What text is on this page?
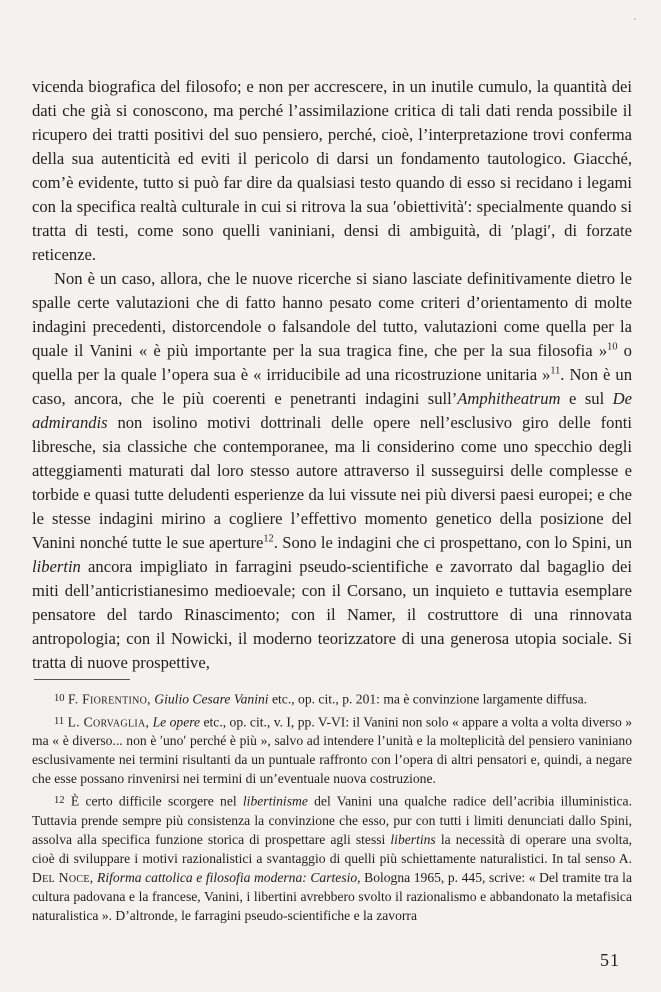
vicenda biografica del filosofo; e non per accrescere, in un inutile cumulo, la quantità dei dati che già si conoscono, ma perché l’assimilazione critica di tali dati renda possibile il ricupero dei tratti positivi del suo pensiero, perché, cioè, l’interpretazione trovi conferma della sua autenticità ed eviti il pericolo di darsi un fondamento tautologico. Giacché, com’è evidente, tutto si può far dire da qualsiasi testo quando di esso si recidano i legami con la specifica realtà culturale in cui si ritrova la sua ʹobiettivitàʹ: specialmente quando si tratta di testi, come sono quelli vaniniani, densi di ambiguità, di ʹplagiʹ, di forzate reticenze.

Non è un caso, allora, che le nuove ricerche si siano lasciate definitivamente dietro le spalle certe valutazioni che di fatto hanno pesato come criteri d’orientamento di molte indagini precedenti, distorcendole o falsandole del tutto, valutazioni come quella per la quale il Vanini « è più importante per la sua tragica fine, che per la sua filosofia »$^{10}$ o quella per la quale l’opera sua è « irriducibile ad una ricostruzione unitaria »$^{11}$. Non è un caso, ancora, che le più coerenti e penetranti indagini sull’Amphitheatrum e sul De admirandis non isolino motivi dottrinali delle opere nell’esclusivo giro delle fonti libresche, sia classiche che contemporanee, ma li considerino come uno specchio degli atteggiamenti maturati dal loro stesso autore attraverso il susseguirsi delle complesse e torbide e quasi tutte deludenti esperienze da lui vissute nei più diversi paesi europei; e che le stesse indagini mirino a cogliere l’effettivo momento genetico della posizione del Vanini nonché tutte le sue aperture$^{12}$. Sono le indagini che ci prospettano, con lo Spini, un libertin ancora impigliato in farragini pseudo-scientifiche e zavorrato dal bagaglio dei miti dell’anticristianesimo medioevale; con il Corsano, un inquieto e tuttavia esemplare pensatore del tardo Rinascimento; con il Namer, il costruttore di una rinnovata antropologia; con il Nowicki, il moderno teorizzatore di una generosa utopia sociale. Si tratta di nuove prospettive,

10 F. Fiorentino, Giulio Cesare Vanini etc., op. cit., p. 201: ma è convinzione largamente diffusa.

11 L. Corvaglia, Le opere etc., op. cit., v. I, pp. V-VI: il Vanini non solo « appare a volta a volta diverso » ma « è diverso... non è ʹunoʹ perché è più », salvo ad intendere l’unità e la molteplicità del pensiero vaniniano esclusivamente nei termini risultanti da un puntuale raffronto con l’opera di altri pensatori e, quindi, a negare che esse possano rinvenirsi nei termini di un’eventuale nuova costruzione.

12 È certo difficile scorgere nel libertinisme del Vanini una qualche radice dell’acribia illuministica. Tuttavia prende sempre più consistenza la convinzione che esso, pur con tutti i limiti denunciati dallo Spini, assolva alla specifica funzione storica di prospettare agli stessi libertins la necessità di operare una svolta, cioè di sviluppare i motivi razionalistici a svantaggio di quelli più schiettamente naturalistici. In tal senso A. Del Noce, Riforma cattolica e filosofia moderna: Cartesio, Bologna 1965, p. 445, scrive: « Del tramite tra la cultura padovana e la francese, Vanini, i libertini avrebbero svolto il razionalismo e abbandonato la metafisica naturalistica ». D’altronde, le farragini pseudo-scientifiche e la zavorra

51
